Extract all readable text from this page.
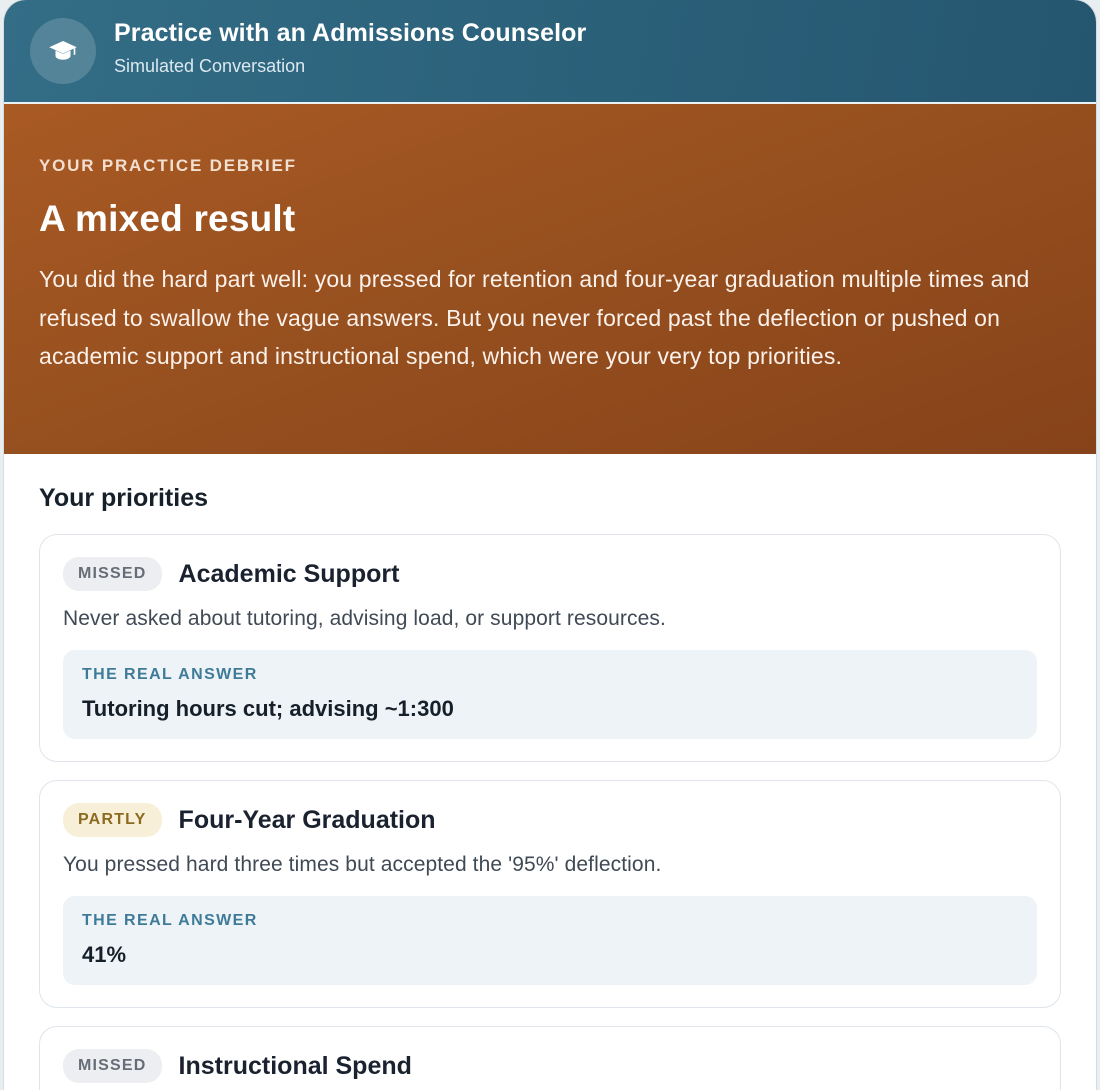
Practice with an Admissions Counselor
Simulated Conversation
YOUR PRACTICE DEBRIEF
A mixed result
You did the hard part well: you pressed for retention and four-year graduation multiple times and refused to swallow the vague answers. But you never forced past the deflection or pushed on academic support and instructional spend, which were your very top priorities.
Your priorities
MISSED	Academic Support
Never asked about tutoring, advising load, or support resources.
THE REAL ANSWER
Tutoring hours cut; advising ~1:300
PARTLY	Four-Year Graduation
You pressed hard three times but accepted the '95%' deflection.
THE REAL ANSWER
41%
MISSED	Instructional Spend
